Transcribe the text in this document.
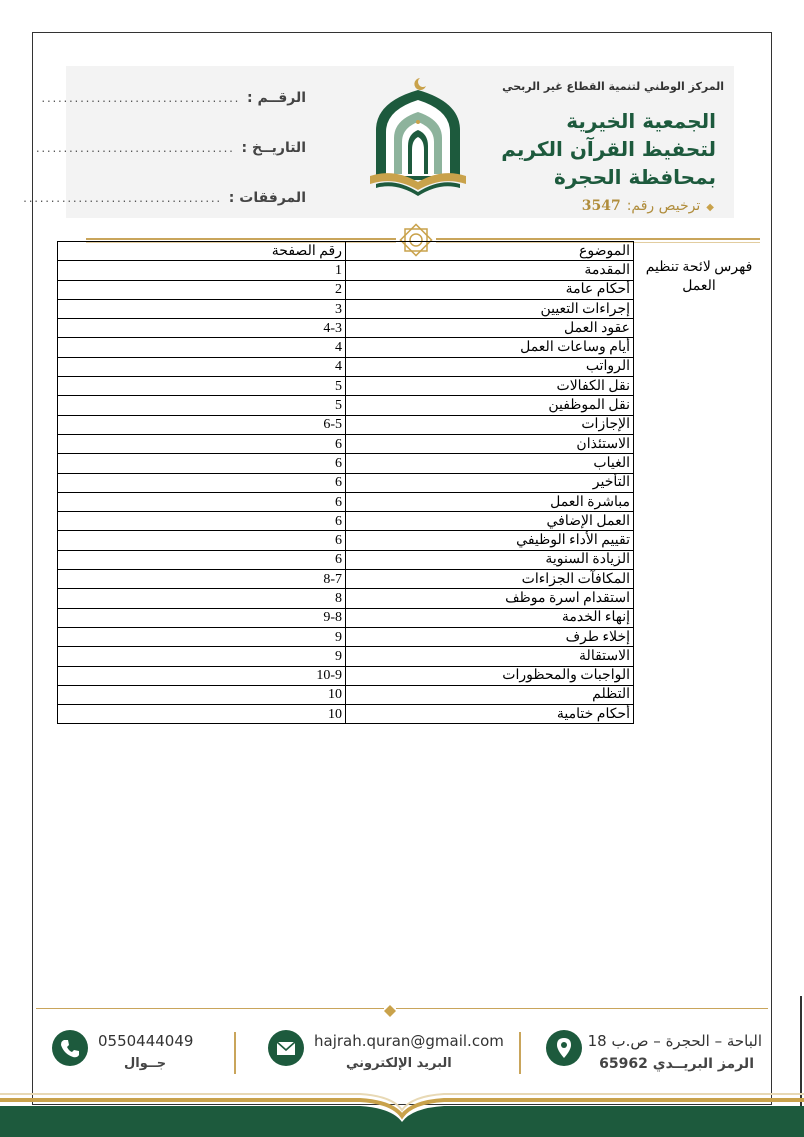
الرقــم :
....................................
التاريــخ :
....................................
المرفقات :
....................................
المركز الوطني لتنمية القطاع غير الربحي
الجمعية الخيرية
لتحفيظ القرآن الكريم
بمحافظة الحجرة
◆
ترخيص رقم:
3547
فهرس لائحة تنظيم العمل
رقم الصفحة	الموضوع
1	المقدمة
2	أحكام عامة
3	إجراءات التعيين
4-3	عقود العمل
4	أيام وساعات العمل
4	الرواتب
5	نقل الكفالات
5	نقل الموظفين
6-5	الإجازات
6	الاستئذان
6	الغياب
6	التأخير
6	مباشرة العمل
6	العمل الإضافي
6	تقييم الأداء الوظيفي
6	الزيادة السنوية
8-7	المكافآت الجزاءات
8	استقدام اسرة موظف
9-8	إنهاء الخدمة
9	إخلاء طرف
9	الاستقالة
10-9	الواجبات والمحظورات
10	التظلم
10	أحكام ختامية
0550444049
جــوال
hajrah.quran@gmail.com
البريد الإلكتروني
الباحة – الحجرة – ص.ب 18
الرمز البريــدي 65962
